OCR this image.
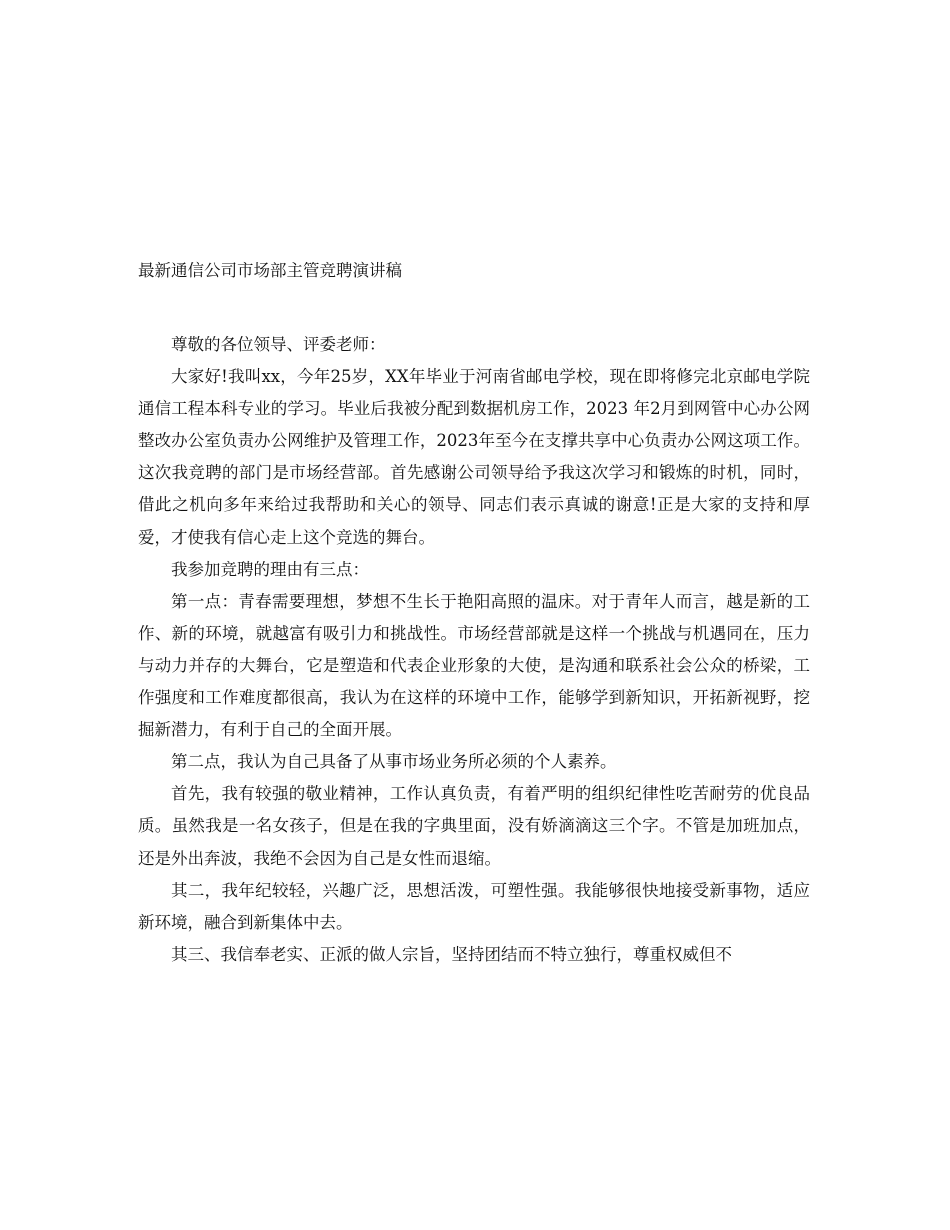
最新通信公司市场部主管竞聘演讲稿

尊敬的各位领导、评委老师：

大家好!我叫xx，今年25岁，XX年毕业于河南省邮电学校，现在即将修完北京邮电学院通信工程本科专业的学习。毕业后我被分配到数据机房工作，2023 年2月到网管中心办公网整改办公室负责办公网维护及管理工作，2023年至今在支撑共享中心负责办公网这项工作。这次我竞聘的部门是市场经营部。首先感谢公司领导给予我这次学习和锻炼的时机，同时，借此之机向多年来给过我帮助和关心的领导、同志们表示真诚的谢意!正是大家的支持和厚爱，才使我有信心走上这个竞选的舞台。

我参加竞聘的理由有三点：

第一点：青春需要理想，梦想不生长于艳阳高照的温床。对于青年人而言，越是新的工作、新的环境，就越富有吸引力和挑战性。市场经营部就是这样一个挑战与机遇同在，压力与动力并存的大舞台，它是塑造和代表企业形象的大使，是沟通和联系社会公众的桥梁，工作强度和工作难度都很高，我认为在这样的环境中工作，能够学到新知识，开拓新视野，挖掘新潜力，有利于自己的全面开展。

第二点，我认为自己具备了从事市场业务所必须的个人素养。

首先，我有较强的敬业精神，工作认真负责，有着严明的组织纪律性吃苦耐劳的优良品质。虽然我是一名女孩子，但是在我的字典里面，没有娇滴滴这三个字。不管是加班加点，还是外出奔波，我绝不会因为自己是女性而退缩。

其二，我年纪较轻，兴趣广泛，思想活泼，可塑性强。我能够很快地接受新事物，适应新环境，融合到新集体中去。

其三、我信奉老实、正派的做人宗旨，坚持团结而不特立独行，尊重权威但不
